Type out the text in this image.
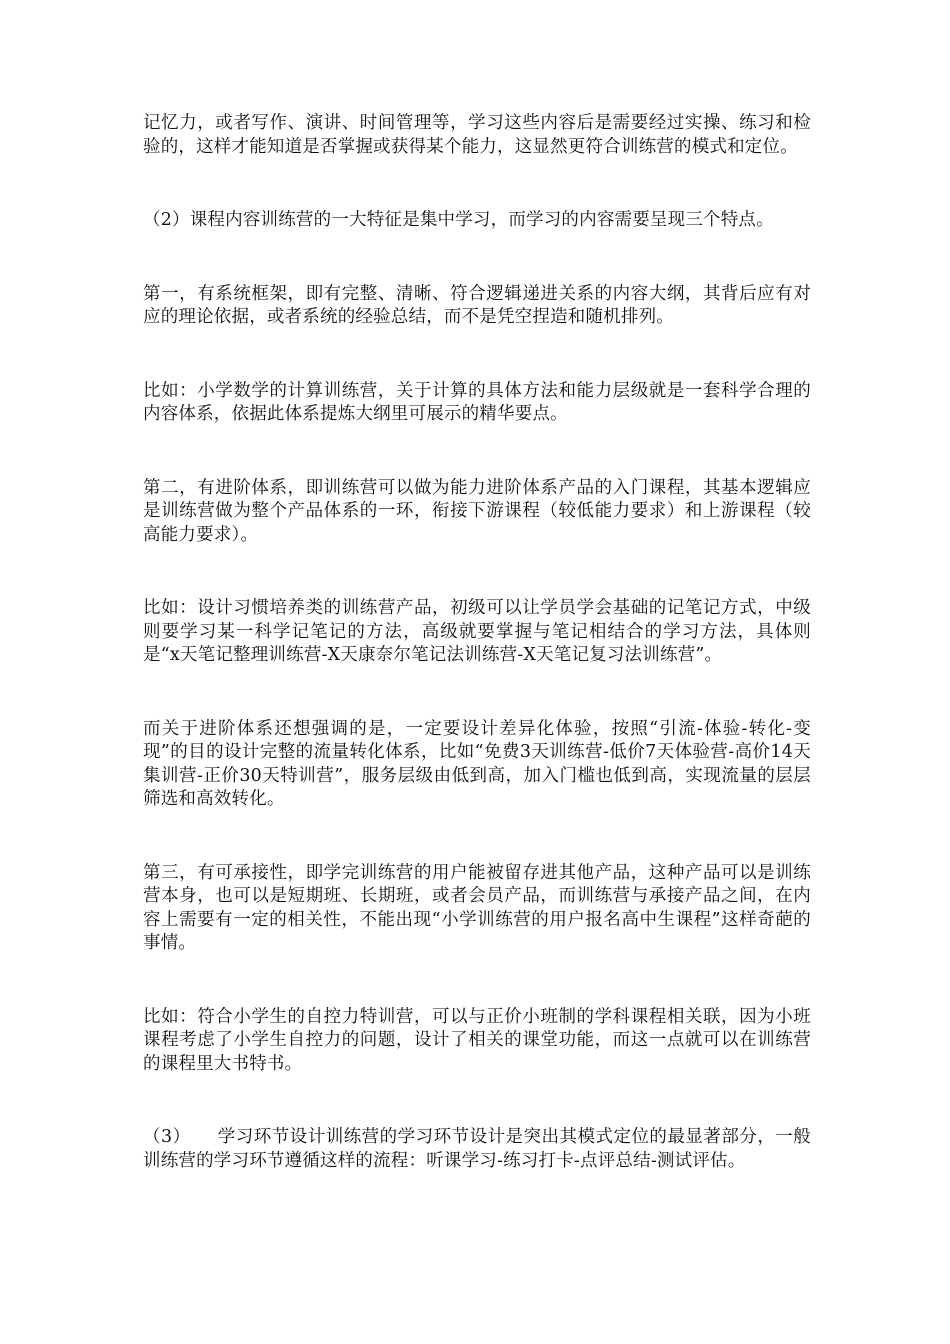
记忆力，或者写作、演讲、时间管理等，学习这些内容后是需要经过实操、练习和检验的，这样才能知道是否掌握或获得某个能力，这显然更符合训练营的模式和定位。

（2）课程内容训练营的一大特征是集中学习，而学习的内容需要呈现三个特点。

第一，有系统框架，即有完整、清晰、符合逻辑递进关系的内容大纲，其背后应有对应的理论依据，或者系统的经验总结，而不是凭空捏造和随机排列。

比如：小学数学的计算训练营，关于计算的具体方法和能力层级就是一套科学合理的内容体系，依据此体系提炼大纲里可展示的精华要点。

第二，有进阶体系，即训练营可以做为能力进阶体系产品的入门课程，其基本逻辑应是训练营做为整个产品体系的一环，衔接下游课程（较低能力要求）和上游课程（较高能力要求）。

比如：设计习惯培养类的训练营产品，初级可以让学员学会基础的记笔记方式，中级则要学习某一科学记笔记的方法，高级就要掌握与笔记相结合的学习方法，具体则是“x天笔记整理训练营-X天康奈尔笔记法训练营-X天笔记复习法训练营”。

而关于进阶体系还想强调的是，一定要设计差异化体验，按照“引流-体验-转化-变现”的目的设计完整的流量转化体系，比如“免费3天训练营-低价7天体验营-高价14天集训营-正价30天特训营”，服务层级由低到高，加入门槛也低到高，实现流量的层层筛选和高效转化。

第三，有可承接性，即学完训练营的用户能被留存进其他产品，这种产品可以是训练营本身，也可以是短期班、长期班，或者会员产品，而训练营与承接产品之间，在内容上需要有一定的相关性，不能出现“小学训练营的用户报名高中生课程”这样奇葩的事情。

比如：符合小学生的自控力特训营，可以与正价小班制的学科课程相关联，因为小班课程考虑了小学生自控力的问题，设计了相关的课堂功能，而这一点就可以在训练营的课程里大书特书。

（3）　　学习环节设计训练营的学习环节设计是突出其模式定位的最显著部分，一般训练营的学习环节遵循这样的流程：听课学习-练习打卡-点评总结-测试评估。
